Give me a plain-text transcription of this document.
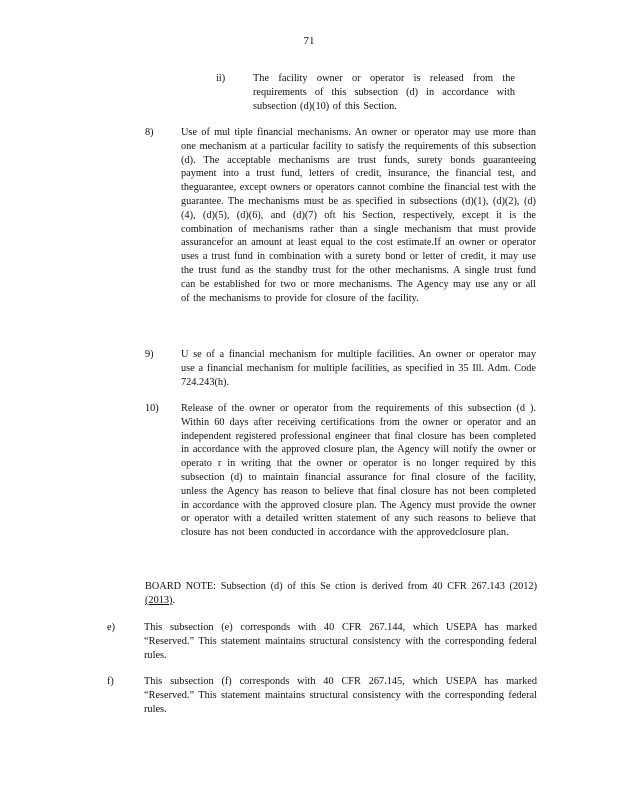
71
ii)	The facility owner or operator is released from the requirements of this subsection (d) in accordance with subsection (d)(10) of this Section.
8)	Use of mul tiple financial mechanisms. An owner or operator may use more than one mechanism at a particular facility to satisfy the requirements of this subsection (d). The acceptable mechanisms are trust funds, surety bonds guaranteeing payment into a trust fund, letters of credit, insurance, the financial test, and theguarantee, except owners or operators cannot combine the financial test with the guarantee. The mechanisms must be as specified in subsections (d)(1), (d)(2), (d)(4), (d)(5), (d)(6), and (d)(7) oft his Section, respectively, except it is the combination of mechanisms rather than a single mechanism that must provide assurancefor an amount at least equal to the cost estimate.If an owner or operator uses a trust fund in combination with a surety bond or letter of credit, it may use the trust fund as the standby trust for the other mechanisms. A single trust fund can be established for two or more mechanisms. The Agency may use any or all of the mechanisms to provide for closure of the facility.
9)	U se of a financial mechanism for multiple facilities. An owner or operator may use a financial mechanism for multiple facilities, as specified in 35 Ill. Adm. Code 724.243(h).
10)	Release of the owner or operator from the requirements of this subsection (d ). Within 60 days after receiving certifications from the owner or operator and an independent registered professional engineer that final closure has been completed in accordance with the approved closure plan, the Agency will notify the owner or operato r in writing that the owner or operator is no longer required by this subsection (d) to maintain financial assurance for final closure of the facility, unless the Agency has reason to believe that final closure has not been completed in accordance with the approved closure plan. The Agency must provide the owner or operator with a detailed written statement of any such reasons to believe that closure has not been conducted in accordance with the approvedclosure plan.
BOARD NOTE: Subsection (d) of this Se ction is derived from 40 CFR 267.143 (2012) (2013).
e)	This subsection (e) corresponds with 40 CFR 267.144, which USEPA has marked “Reserved.” This statement maintains structural consistency with the corresponding federal rules.
f)	This subsection (f) corresponds with 40 CFR 267.145, which USEPA has marked “Reserved.” This statement maintains structural consistency with the corresponding federal rules.
